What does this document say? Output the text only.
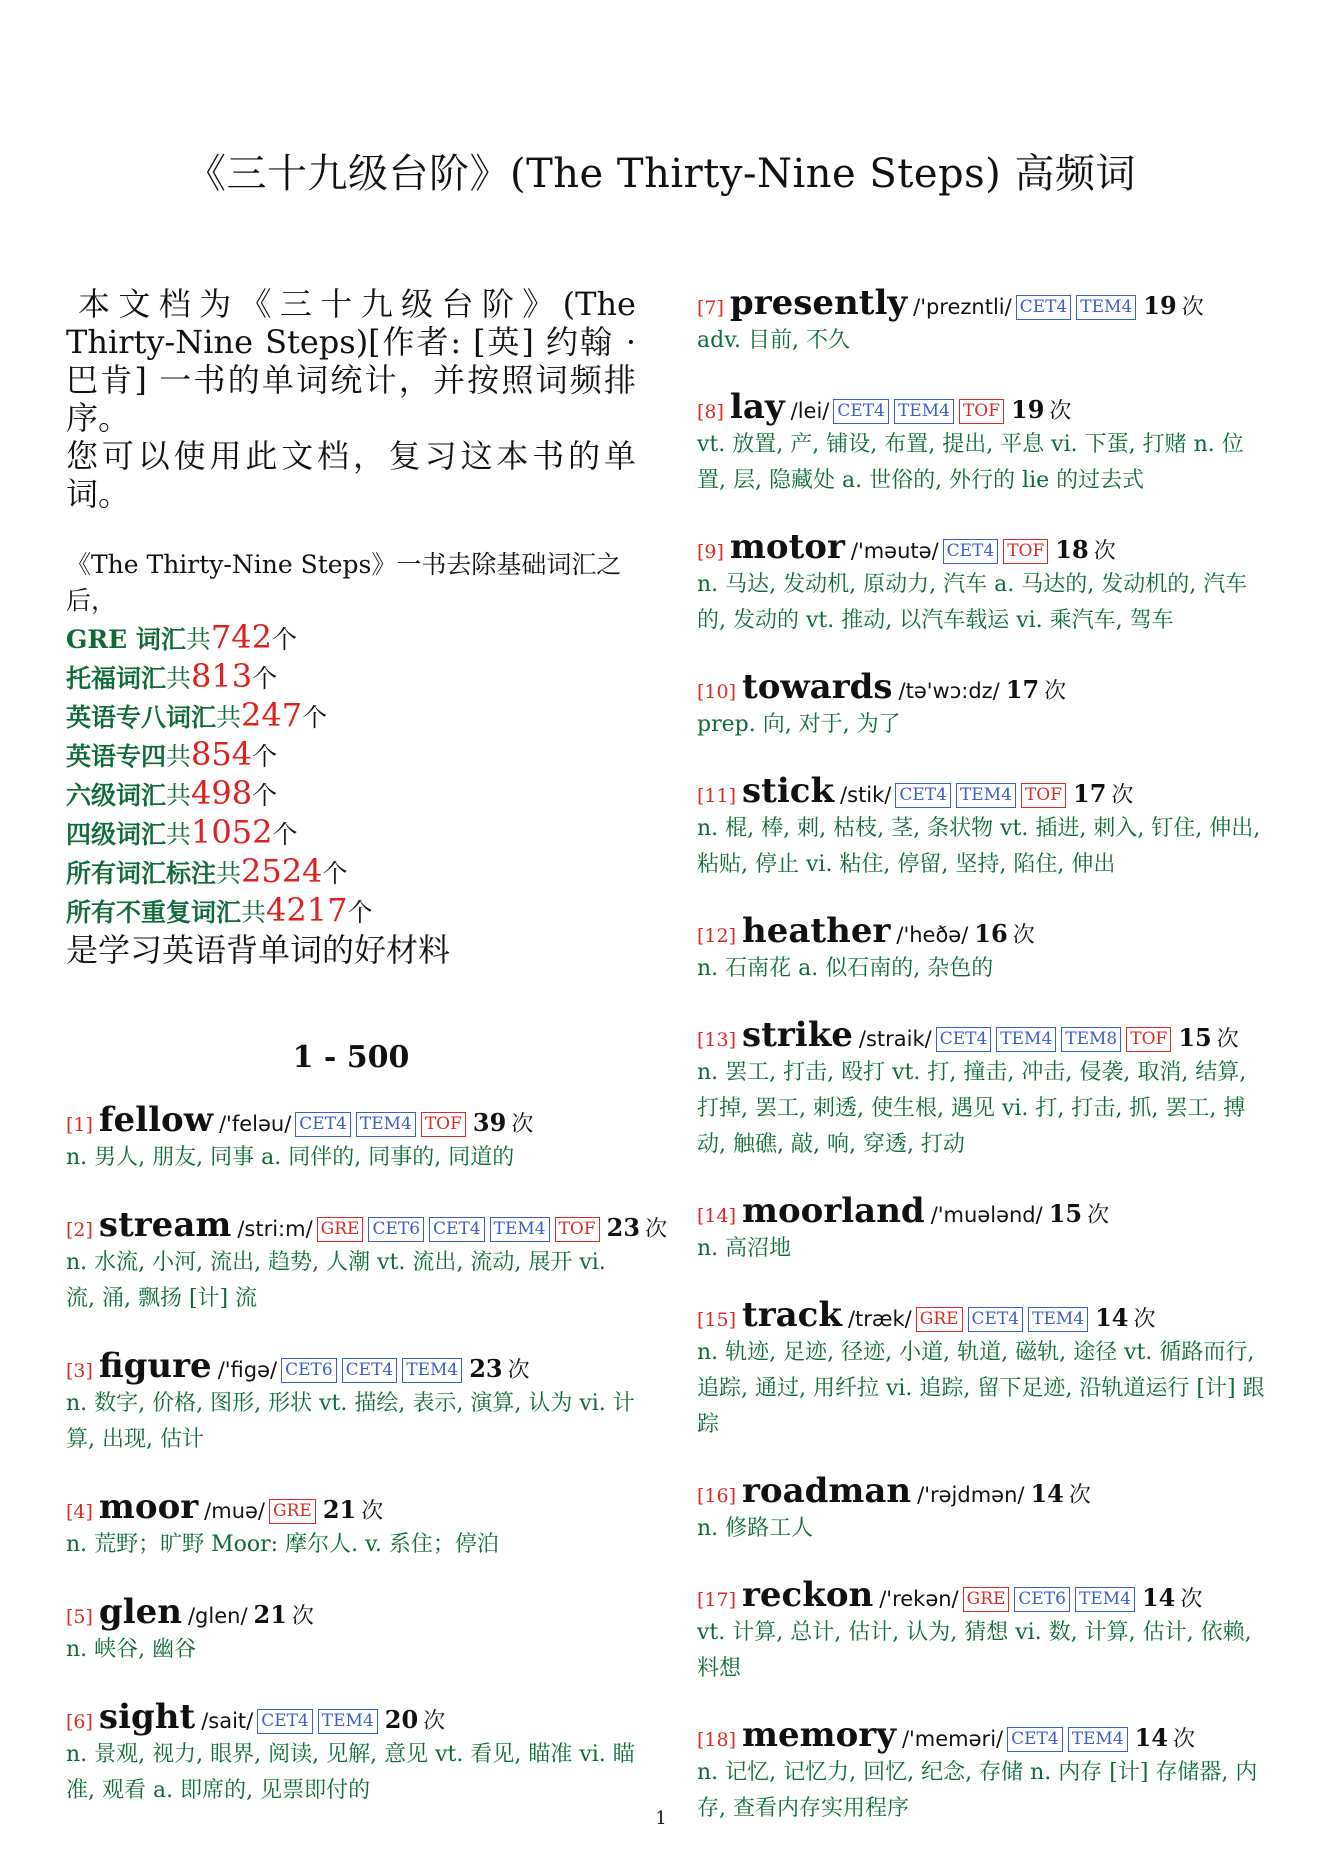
《三十九级台阶》(The Thirty-Nine Steps) 高频词

本文档为《三十九级台阶》(The Thirty-Nine Steps)[作者: [英] 约翰 · 巴肯] 一书的单词统计，并按照词频排序。

您可以使用此文档，复习这本书的单词。

《The Thirty-Nine Steps》一书去除基础词汇之后，
GRE 词汇共742个
托福词汇共813个
英语专八词汇共247个
英语专四共854个
六级词汇共498个
四级词汇共1052个
所有词汇标注共2524个
所有不重复词汇共4217个
是学习英语背单词的好材料
1 - 500
[1] fellow /'feləu/ CET4 TEM4 TOF 39 次
n. 男人, 朋友, 同事 a. 同伴的, 同事的, 同道的
[2] stream /stri:m/ GRE CET6 CET4 TEM4 TOF 23 次
n. 水流, 小河, 流出, 趋势, 人潮 vt. 流出, 流动, 展开 vi. 流, 涌, 飘扬 [计] 流
[3] figure /'figə/ CET6 CET4 TEM4 23 次
n. 数字, 价格, 图形, 形状 vt. 描绘, 表示, 演算, 认为 vi. 计算, 出现, 估计
[4] moor /muə/ GRE 21 次
n. 荒野；旷野 Moor: 摩尔人. v. 系住；停泊
[5] glen /glen/ 21 次
n. 峡谷, 幽谷
[6] sight /sait/ CET4 TEM4 20 次
n. 景观, 视力, 眼界, 阅读, 见解, 意见 vt. 看见, 瞄准 vi. 瞄准, 观看 a. 即席的, 见票即付的
[7] presently /'prezntli/ CET4 TEM4 19 次
adv. 目前, 不久
[8] lay /lei/ CET4 TEM4 TOF 19 次
vt. 放置, 产, 铺设, 布置, 提出, 平息 vi. 下蛋, 打赌 n. 位置, 层, 隐藏处 a. 世俗的, 外行的 lie 的过去式
[9] motor /'məutə/ CET4 TOF 18 次
n. 马达, 发动机, 原动力, 汽车 a. 马达的, 发动机的, 汽车的, 发动的 vt. 推动, 以汽车载运 vi. 乘汽车, 驾车
[10] towards /tə'wɔ:dz/ 17 次
prep. 向, 对于, 为了
[11] stick /stik/ CET4 TEM4 TOF 17 次
n. 棍, 棒, 刺, 枯枝, 茎, 条状物 vt. 插进, 刺入, 钉住, 伸出, 粘贴, 停止 vi. 粘住, 停留, 坚持, 陷住, 伸出
[12] heather /'heðə/ 16 次
n. 石南花 a. 似石南的, 杂色的
[13] strike /straik/ CET4 TEM4 TEM8 TOF 15 次
n. 罢工, 打击, 殴打 vt. 打, 撞击, 冲击, 侵袭, 取消, 结算, 打掉, 罢工, 刺透, 使生根, 遇见 vi. 打, 打击, 抓, 罢工, 搏动, 触礁, 敲, 响, 穿透, 打动
[14] moorland /'muələnd/ 15 次
n. 高沼地
[15] track /træk/ GRE CET4 TEM4 14 次
n. 轨迹, 足迹, 径迹, 小道, 轨道, 磁轨, 途径 vt. 循路而行, 追踪, 通过, 用纤拉 vi. 追踪, 留下足迹, 沿轨道运行 [计] 跟踪
[16] roadman /'rəjdmən/ 14 次
n. 修路工人
[17] reckon /'rekən/ GRE CET6 TEM4 14 次
vt. 计算, 总计, 估计, 认为, 猜想 vi. 数, 计算, 估计, 依赖, 料想
[18] memory /'meməri/ CET4 TEM4 14 次
n. 记忆, 记忆力, 回忆, 纪念, 存储 n. 内存 [计] 存储器, 内存, 查看内存实用程序
1
